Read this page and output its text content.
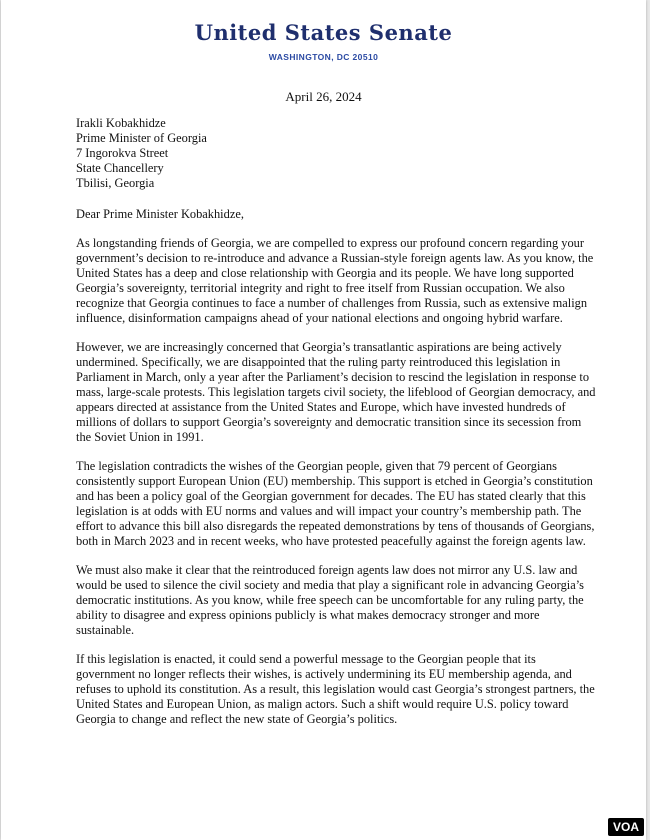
United States Senate
WASHINGTON, DC 20510
April 26, 2024
Irakli Kobakhidze
Prime Minister of Georgia
7 Ingorokva Street
State Chancellery
Tbilisi, Georgia
Dear Prime Minister Kobakhidze,

As longstanding friends of Georgia, we are compelled to express our profound concern regarding your government’s decision to re-introduce and advance a Russian-style foreign agents law. As you know, the United States has a deep and close relationship with Georgia and its people. We have long supported Georgia’s sovereignty, territorial integrity and right to free itself from Russian occupation. We also recognize that Georgia continues to face a number of challenges from Russia, such as extensive malign influence, disinformation campaigns ahead of your national elections and ongoing hybrid warfare.

However, we are increasingly concerned that Georgia’s transatlantic aspirations are being actively undermined. Specifically, we are disappointed that the ruling party reintroduced this legislation in Parliament in March, only a year after the Parliament’s decision to rescind the legislation in response to mass, large-scale protests. This legislation targets civil society, the lifeblood of Georgian democracy, and appears directed at assistance from the United States and Europe, which have invested hundreds of millions of dollars to support Georgia’s sovereignty and democratic transition since its secession from the Soviet Union in 1991.

The legislation contradicts the wishes of the Georgian people, given that 79 percent of Georgians consistently support European Union (EU) membership. This support is etched in Georgia’s constitution and has been a policy goal of the Georgian government for decades. The EU has stated clearly that this legislation is at odds with EU norms and values and will impact your country’s membership path. The effort to advance this bill also disregards the repeated demonstrations by tens of thousands of Georgians, both in March 2023 and in recent weeks, who have protested peacefully against the foreign agents law.

We must also make it clear that the reintroduced foreign agents law does not mirror any U.S. law and would be used to silence the civil society and media that play a significant role in advancing Georgia’s democratic institutions. As you know, while free speech can be uncomfortable for any ruling party, the ability to disagree and express opinions publicly is what makes democracy stronger and more sustainable.

If this legislation is enacted, it could send a powerful message to the Georgian people that its government no longer reflects their wishes, is actively undermining its EU membership agenda, and refuses to uphold its constitution. As a result, this legislation would cast Georgia’s strongest partners, the United States and European Union, as malign actors. Such a shift would require U.S. policy toward Georgia to change and reflect the new state of Georgia’s politics.

VOA
